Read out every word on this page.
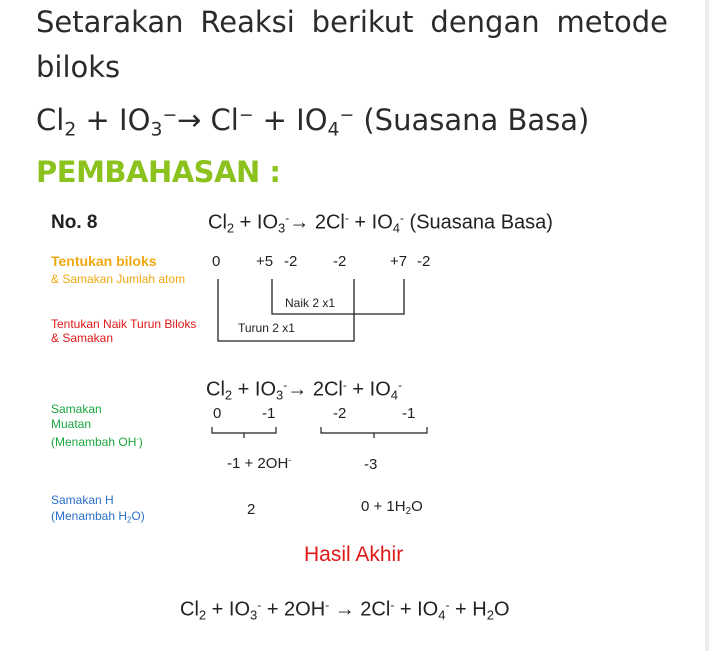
Setarakan Reaksi berikut dengan metode
biloks
$Cl_2 + IO_3^-\to Cl^- + IO_4^-$ (Suasana Basa)
PEMBAHASAN :
No. 8	$Cl_2 + IO_3^-\to 2Cl^- + IO_4^-$ (Suasana Basa)
Tentukan biloks
& Samakan Jumlah atom
0 +5 -2 -2	+7 -2
Naik 2 x1
Turun 2 x1
Tentukan Naik Turun Biloks
& Samakan
$Cl_2 + IO_3^-\to 2Cl^- + IO_4^-$
Samakan
Muatan
(Menambah OH-)
0	-1	-2	-1
-1 + 2OH-	-3
Samakan H
(Menambah $H_2O$)	2	$0 + 1H_2O$
Hasil Akhir
$Cl_2 + IO_3^- + 2OH^- \to 2Cl^- + IO_4^- + H_2O$
